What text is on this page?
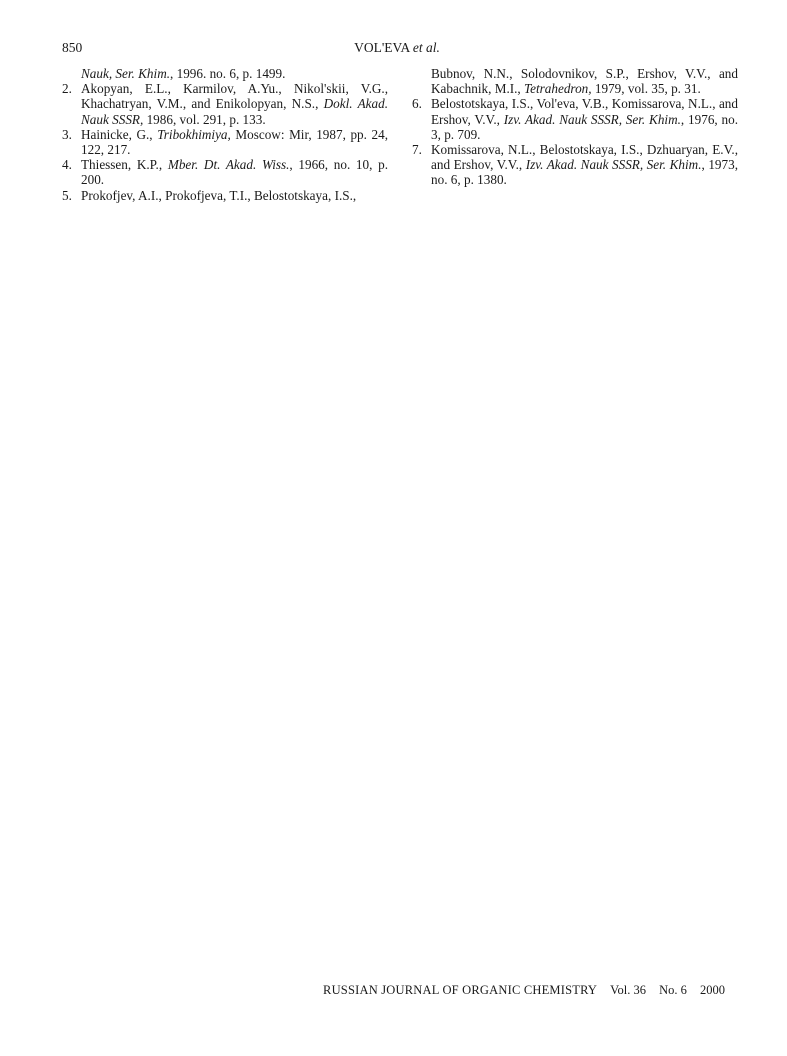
850	VOL'EVA et al.
Nauk, Ser. Khim., 1996. no. 6, p. 1499.
2. Akopyan, E.L., Karmilov, A.Yu., Nikol'skii, V.G., Khachatryan, V.M., and Enikolopyan, N.S., Dokl. Akad. Nauk SSSR, 1986, vol. 291, p. 133.
3. Hainicke, G., Tribokhimiya, Moscow: Mir, 1987, pp. 24, 122, 217.
4. Thiessen, K.P., Mber. Dt. Akad. Wiss., 1966, no. 10, p. 200.
5. Prokofjev, A.I., Prokofjeva, T.I., Belostotskaya, I.S.,
Bubnov, N.N., Solodovnikov, S.P., Ershov, V.V., and Kabachnik, M.I., Tetrahedron, 1979, vol. 35, p. 31.
6. Belostotskaya, I.S., Vol'eva, V.B., Komissarova, N.L., and Ershov, V.V., Izv. Akad. Nauk SSSR, Ser. Khim., 1976, no. 3, p. 709.
7. Komissarova, N.L., Belostotskaya, I.S., Dzhuaryan, E.V., and Ershov, V.V., Izv. Akad. Nauk SSSR, Ser. Khim., 1973, no. 6, p. 1380.
RUSSIAN JOURNAL OF ORGANIC CHEMISTRY Vol. 36 No. 6 2000
